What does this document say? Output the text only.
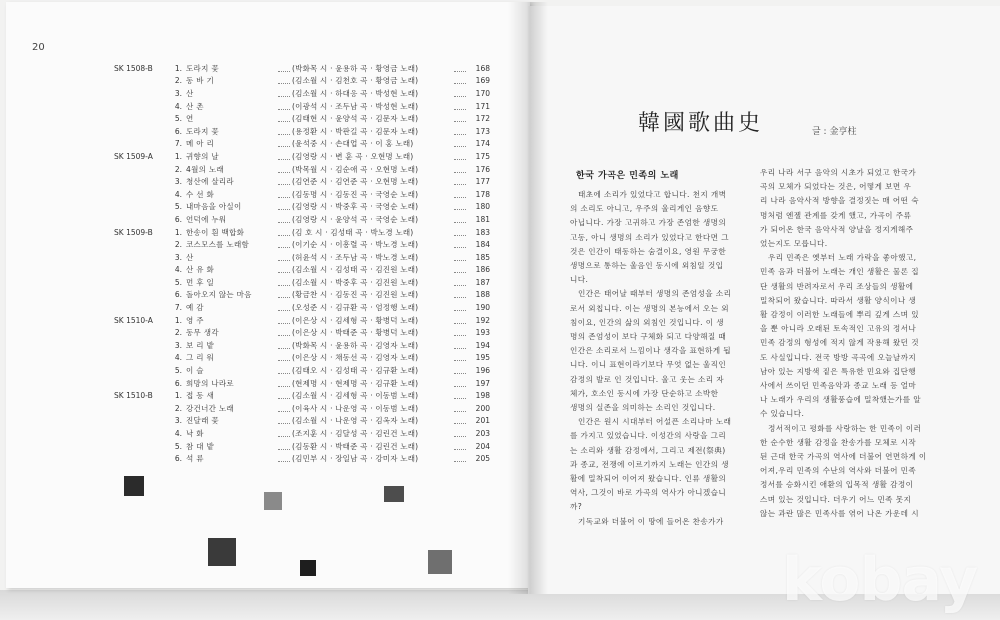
20
SK 1508-B	1. 도라지 꽃	(박화목 시 · 윤용하 곡 · 황영금 노래)	168
2. 동 바 기	(김소월 시 · 김천호 곡 · 황영금 노래)	169
3. 산	(김소월 시 · 하대응 곡 · 박성현 노래)	170
4. 산 촌	(이광석 시 · 조두남 곡 · 박성현 노래)	171
5. 연	(김태현 시 · 윤양석 곡 · 김문자 노래)	172
6. 도라지 꽃	(용정환 시 · 박판길 곡 · 김문자 노래)	173
7. 메 아 리	(윤석중 시 · 손대업 곡 · 이 홍 노래)	174
SK 1509-A	1. 귀향의 날	(김영랑 시 · 변 훈 곡 · 오현명 노래)	175
2. 4월의 노래	(박목월 시 · 김순애 곡 · 오현명 노래)	176
3. 청산에 살리라	(김연준 시 · 김연준 곡 · 오현명 노래)	177
4. 수 선 화	(김동명 시 · 김동진 곡 · 국영순 노래)	178
5. 내마음을 아실이	(김영랑 시 · 박중후 곡 · 국영순 노래)	180
6. 언덕에 누워	(김영랑 시 · 윤양석 곡 · 국영순 노래)	181
SK 1509-B	1. 한송이 흰 백합화	(김 호 시 · 김성태 곡 · 박노경 노래)	183
2. 코스모스를 노래함	(이기순 시 · 이흥렬 곡 · 박노경 노래)	184
3. 산	(허윤석 시 · 조두남 곡 · 박노경 노래)	185
4. 산 유 화	(김소월 시 · 김성태 곡 · 김진원 노래)	186
5. 먼 후 일	(김소월 시 · 박중후 곡 · 김진원 노래)	187
6. 돌아오지 않는 마음	(황금찬 시 · 김동진 곡 · 김진원 노래)	188
7. 예 감	(오성준 시 · 김규환 곡 · 엄정행 노래)	190
SK 1510-A	1. 영 주	(이은상 시 · 김세형 곡 · 황병덕 노래)	192
2. 동무 생각	(이은상 시 · 박태준 곡 · 황병덕 노래)	193
3. 보 리 밭	(박화목 시 · 윤용하 곡 · 김영자 노래)	194
4. 그 리 워	(이은상 시 · 채동선 곡 · 김영자 노래)	195
5. 이 슬	(김태오 시 · 김성태 곡 · 김규환 노래)	196
6. 희망의 나라로	(현제명 시 · 현제명 곡 · 김규환 노래)	197
SK 1510-B	1. 접 동 새	(김소월 시 · 김세형 곡 · 이동범 노래)	198
2. 강건너간 노래	(이육사 시 · 나운영 곡 · 이동범 노래)	200
3. 진달래 꽃	(김소월 시 · 나운영 곡 · 김옥자 노래)	201
4. 낙 화	(조지훈 시 · 김달성 곡 · 김린건 노래)	203
5. 참 대 밭	(김동환 시 · 박태준 곡 · 김린건 노래)	204
6. 석 류	(김민부 시 · 장일남 곡 · 강미자 노래)	205
韓國歌曲史	글 : 金亨柱
한국 가곡은 민족의 노래

태초에 소리가 있었다고 합니다. 천지 개벽

의 소리도 아니고, 우주의 울리게인 음향도

아닙니다. 가장 고귀하고 가장 존엄한 생명의

고동, 아니 생명의 소리가 있었다고 한다면 그

것은 인간이 태동하는 숨결이요, 영원 무궁한

생명으로 통하는 울음인 동시에 외침일 것입

니다.

인간은 태어날 때부터 생명의 존엄성을 소리

로서 외칩니다. 이는 생명의 본능에서 오는 외

침이요, 인간의 삶의 외침인 것입니다. 이 생

명의 존엄성이 보다 구체화 되고 다양해질 때

인간은 소리로서 느낌이나 생각을 표현하게 됩

니다. 이니 표현이라기보다 무엇 없는 울직인

감정의 발로 인 것입니다. 울고 웃는 소리 자

체가, 호소인 동시에 가장 단순하고 소박한

생명의 실존을 의미하는 소리인 것입니다.

인간은 원시 시대부터 어설픈 소리나마 노래

를 가지고 있었습니다. 이성간의 사랑을 그리

는 소리와 생활 감정에서, 그리고 제전(祭典)

과 종교, 전쟁에 이르기까지 노래는 인간의 생

활에 밀착되어 이어져 왔습니다. 인류 생활의

역사, 그것이 바로 가곡의 역사가 아니겠습니

까?

기독교와 더불어 이 땅에 들어온 찬송가가

우리 나라 서구 음악의 시초가 되었고 한국가

곡의 모체가 되었다는 것은, 어떻게 보면 우

리 나라 음악사적 방향을 결정짓는 매 어떤 숙

명처럼 엔젤 관계를 갖게 했고, 가곡이 주류

가 되어온 한국 음악사적 양날을 정지게해주

었는지도 모릅니다.

우리 민족은 옛부터 노래 가락을 좋아했고,

민족 음과 더불어 노래는 개인 생활은 물론 집

단 생활의 반려자로서 우리 조상들의 생활에

밀착되어 왔습니다. 따라서 생활 양식이나 생

활 감정이 이러한 노래들에 뿌리 깊게 스며 있

을 뿐 아니라 오래된 토속적인 고유의 정서나

민족 감정의 형성에 적지 않게 작용해 왔던 것

도 사실입니다. 전국 방방 곡곡에 오늘날까지

남아 있는 지방색 짙은 특유한 민요와 집단행

사에서 쓰이던 민족음악과 종교 노래 등 얼마

나 노래가 우리의 생활풍습에 밀착했는가를 알

수 있습니다.

정서적이고 평화를 사랑하는 한 민족이 이러

한 순수한 생활 감정을 찬송가를 모체로 시작

된 근대 한국 가곡의 역사에 더불어 연면하게 이

어져,우리 민족의 수난의 역사와 더불어 민족

정서를 승화시킨 애환의 입목적 생활 감정이

스며 있는 것입니다. 더우기 어느 민족 못지

않는 과란 많은 민족사를 엮어 나온 가운데 시

kobay
